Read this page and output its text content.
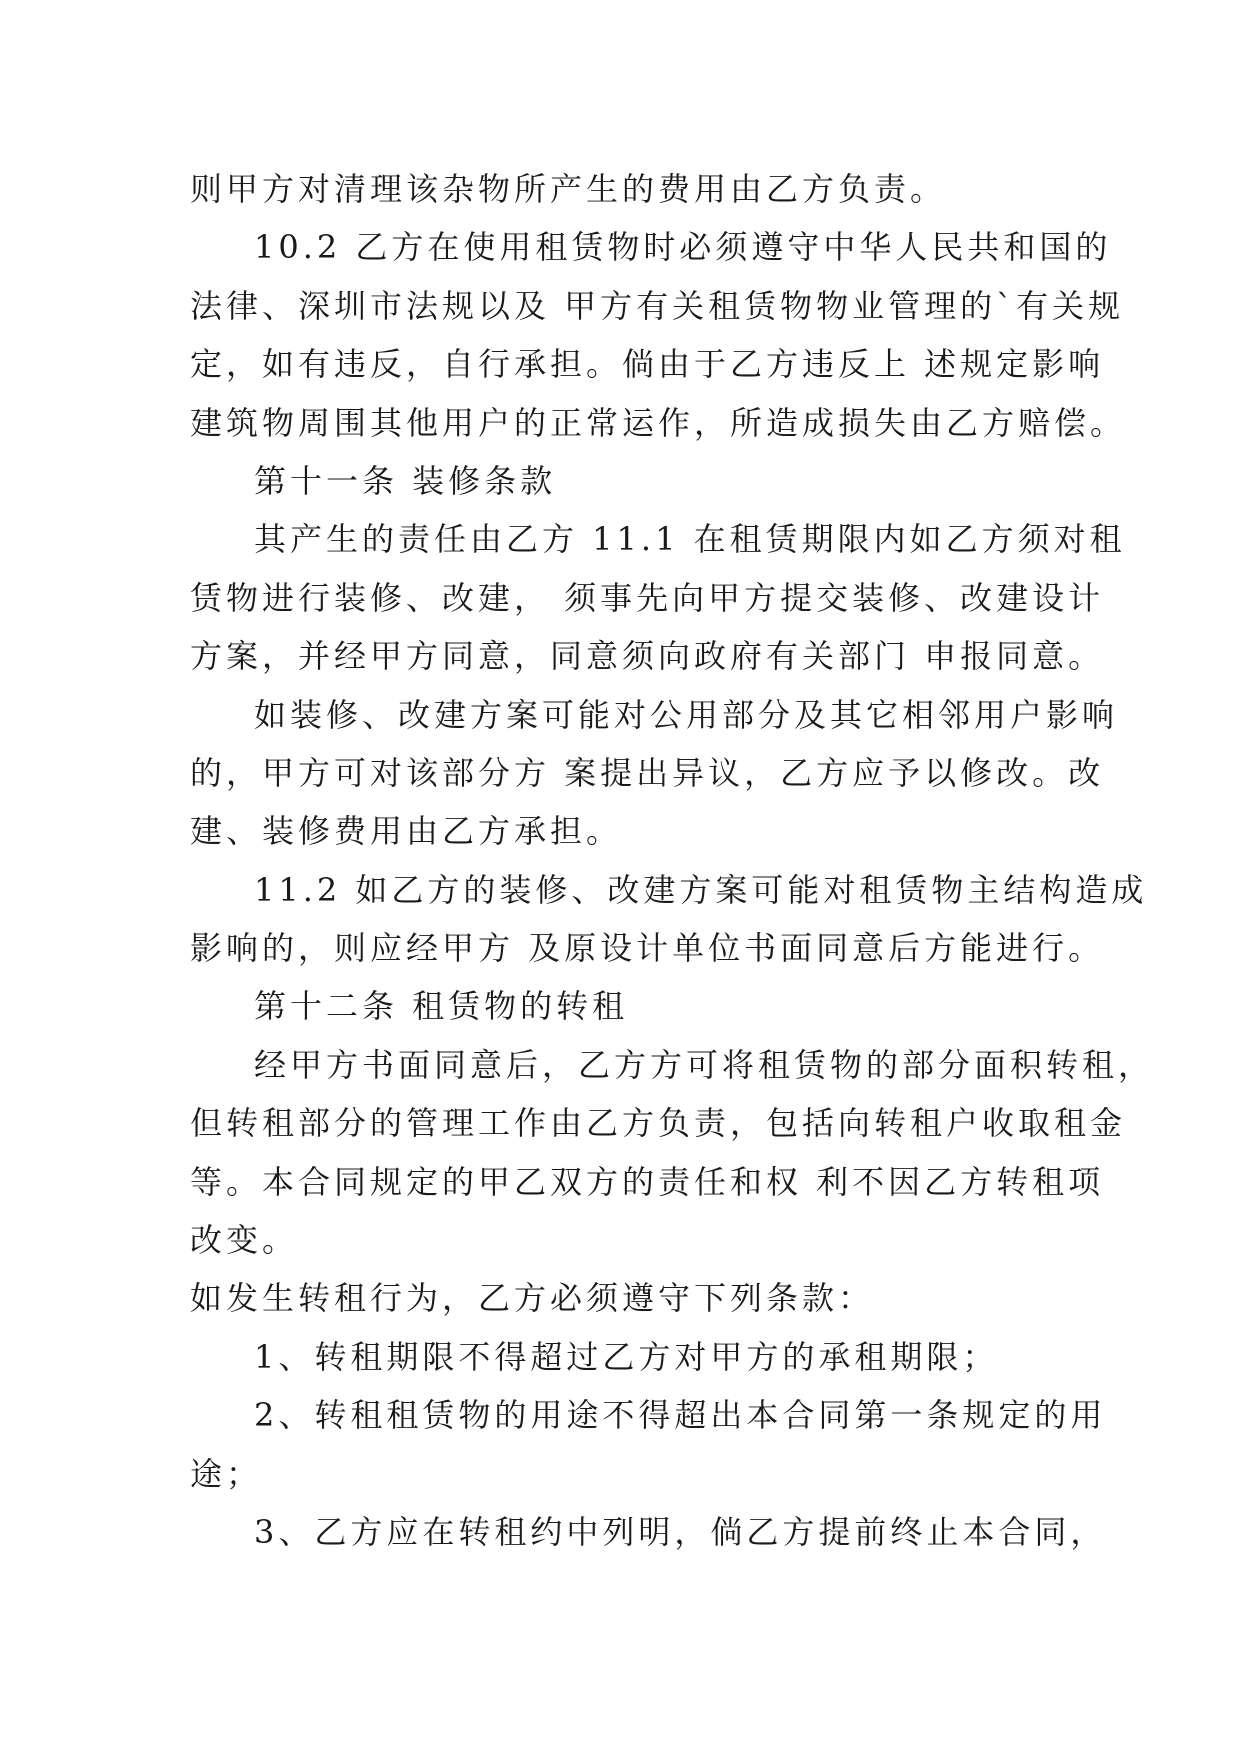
则甲方对清理该杂物所产生的费用由乙方负责。
10.2 乙方在使用租赁物时必须遵守中华人民共和国的
法律、深圳市法规以及 甲方有关租赁物物业管理的`有关规
定，如有违反，自行承担。倘由于乙方违反上 述规定影响
建筑物周围其他用户的正常运作，所造成损失由乙方赔偿。
第十一条 装修条款
其产生的责任由乙方 11.1 在租赁期限内如乙方须对租
赁物进行装修、改建， 须事先向甲方提交装修、改建设计
方案，并经甲方同意，同意须向政府有关部门 申报同意。
如装修、改建方案可能对公用部分及其它相邻用户影响
的，甲方可对该部分方 案提出异议，乙方应予以修改。改
建、装修费用由乙方承担。
11.2 如乙方的装修、改建方案可能对租赁物主结构造成
影响的，则应经甲方 及原设计单位书面同意后方能进行。
第十二条 租赁物的转租
经甲方书面同意后，乙方方可将租赁物的部分面积转租，
但转租部分的管理工作由乙方负责，包括向转租户收取租金
等。本合同规定的甲乙双方的责任和权 利不因乙方转租项
改变。
如发生转租行为，乙方必须遵守下列条款：
1、转租期限不得超过乙方对甲方的承租期限；
2、转租租赁物的用途不得超出本合同第一条规定的用
途；
3、乙方应在转租约中列明，倘乙方提前终止本合同，
